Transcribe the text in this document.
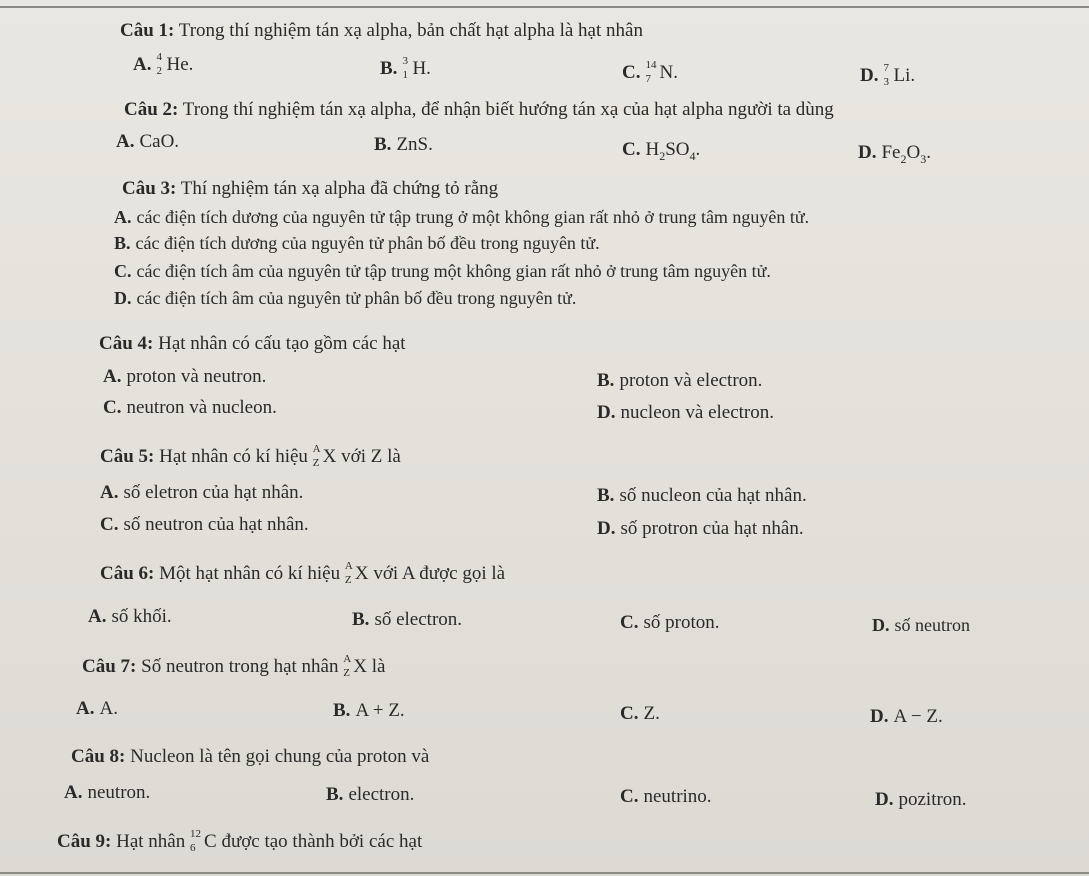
Câu 1: Trong thí nghiệm tán xạ alpha, bản chất hạt alpha là hạt nhân
A. 4
2 He.	B. 3
1 H.	C. 14
7 N.	D. 7
3 Li.
Câu 2: Trong thí nghiệm tán xạ alpha, để nhận biết hướng tán xạ của hạt alpha người ta dùng
A. CaO.	B. ZnS.	C. $H_2SO_4$.	D. $Fe_2O_3$.
Câu 3: Thí nghiệm tán xạ alpha đã chứng tỏ rằng
A. các điện tích dương của nguyên tử tập trung ở một không gian rất nhỏ ở trung tâm nguyên tử.
B. các điện tích dương của nguyên tử phân bố đều trong nguyên tử.
C. các điện tích âm của nguyên tử tập trung một không gian rất nhỏ ở trung tâm nguyên tử.
D. các điện tích âm của nguyên tử phân bố đều trong nguyên tử.
Câu 4: Hạt nhân có cấu tạo gồm các hạt
A. proton và neutron.	B. proton và electron.
C. neutron và nucleon.	D. nucleon và electron.
Câu 5: Hạt nhân có kí hiệu A
Z X với Z là
A. số eletron của hạt nhân.	B. số nucleon của hạt nhân.
C. số neutron của hạt nhân.	D. số protron của hạt nhân.
Câu 6: Một hạt nhân có kí hiệu A
Z X với A được gọi là
A. số khối.	B. số electron.	C. số proton.	D. số neutron
Câu 7: Số neutron trong hạt nhân A
Z X là
A. A.	B. A + Z.	C. Z.	D. A − Z.
Câu 8: Nucleon là tên gọi chung của proton và
A. neutron.	B. electron.	C. neutrino.	D. pozitron.
Câu 9: Hạt nhân 12
6 C được tạo thành bởi các hạt
